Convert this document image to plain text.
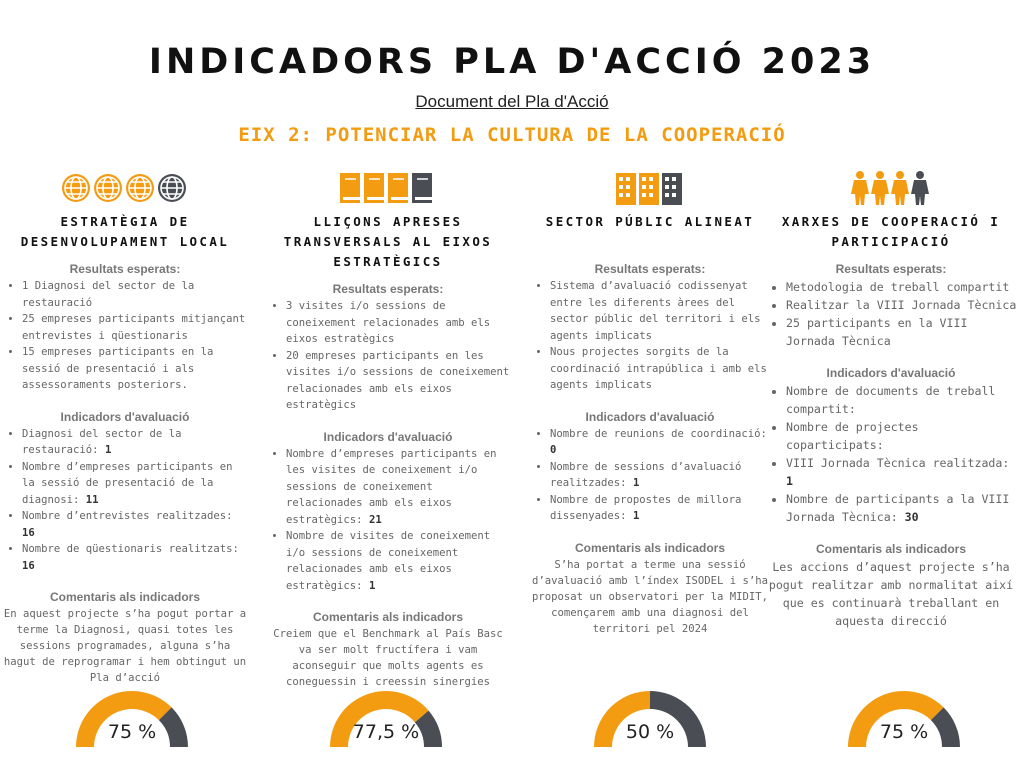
INDICADORS PLA D'ACCIÓ 2023
Document del Pla d'Acció
EIX 2: POTENCIAR LA CULTURA DE LA COOPERACIÓ
ESTRATÈGIA DE DESENVOLUPAMENT LOCAL
Resultats esperats:
• 1 Diagnosi del sector de la restauració
• 25 empreses participants mitjançant entrevistes i qüestionaris
• 15 empreses participants en la sessió de presentació i als assessoraments posteriors.
Indicadors d'avaluació
• Diagnosi del sector de la restauració: 1
• Nombre d’empreses participants en la sessió de presentació de la diagnosi: 11
• Nombre d’entrevistes realitzades: 16
• Nombre de qüestionaris realitzats: 16
Comentaris als indicadors
En aquest projecte s’ha pogut portar a terme la Diagnosi, quasi totes les sessions programades, alguna s’ha hagut de reprogramar i hem obtingut un Pla d’acció
LLIÇONS APRESES TRANSVERSALS AL EIXOS ESTRATÈGICS
Resultats esperats:
• 3 visites i/o sessions de coneixement relacionades amb els eixos estratègics
• 20 empreses participants en les visites i/o sessions de coneixement relacionades amb els eixos estratègics
Indicadors d'avaluació
• Nombre d’empreses participants en les visites de coneixement i/o sessions de coneixement relacionades amb els eixos estratègics: 21
• Nombre de visites de coneixement i/o sessions de coneixement relacionades amb els eixos estratègics: 1
Comentaris als indicadors
Creiem que el Benchmark al País Basc va ser molt fructífera i vam aconseguir que molts agents es coneguessin i creessin sinergies
SECTOR PÚBLIC ALINEAT
Resultats esperats:
• Sistema d’avaluació codissenyat entre les diferents àrees del sector públic del territori i els agents implicats
• Nous projectes sorgits de la coordinació intrapública i amb els agents implicats
Indicadors d'avaluació
• Nombre de reunions de coordinació: 0
• Nombre de sessions d’avaluació realitzades: 1
• Nombre de propostes de millora dissenyades: 1
Comentaris als indicadors
S’ha portat a terme una sessió d’avaluació amb l’índex ISODEL i s’ha proposat un observatori per la MIDIT, començarem amb una diagnosi del territori pel 2024
XARXES DE COOPERACIÓ I PARTICIPACIÓ
Resultats esperats:
• Metodologia de treball compartit
• Realitzar la VIII Jornada Tècnica
• 25 participants en la VIII Jornada Tècnica
Indicadors d'avaluació
• Nombre de documents de treball compartit:
• Nombre de projectes coparticipats:
• VIII Jornada Tècnica realitzada: 1
• Nombre de participants a la VIII Jornada Tècnica: 30
Comentaris als indicadors
Les accions d’aquest projecte s’ha pogut realitzar amb normalitat així que es continuarà treballant en aquesta direcció
75 %	77,5 %	50 %	75 %
